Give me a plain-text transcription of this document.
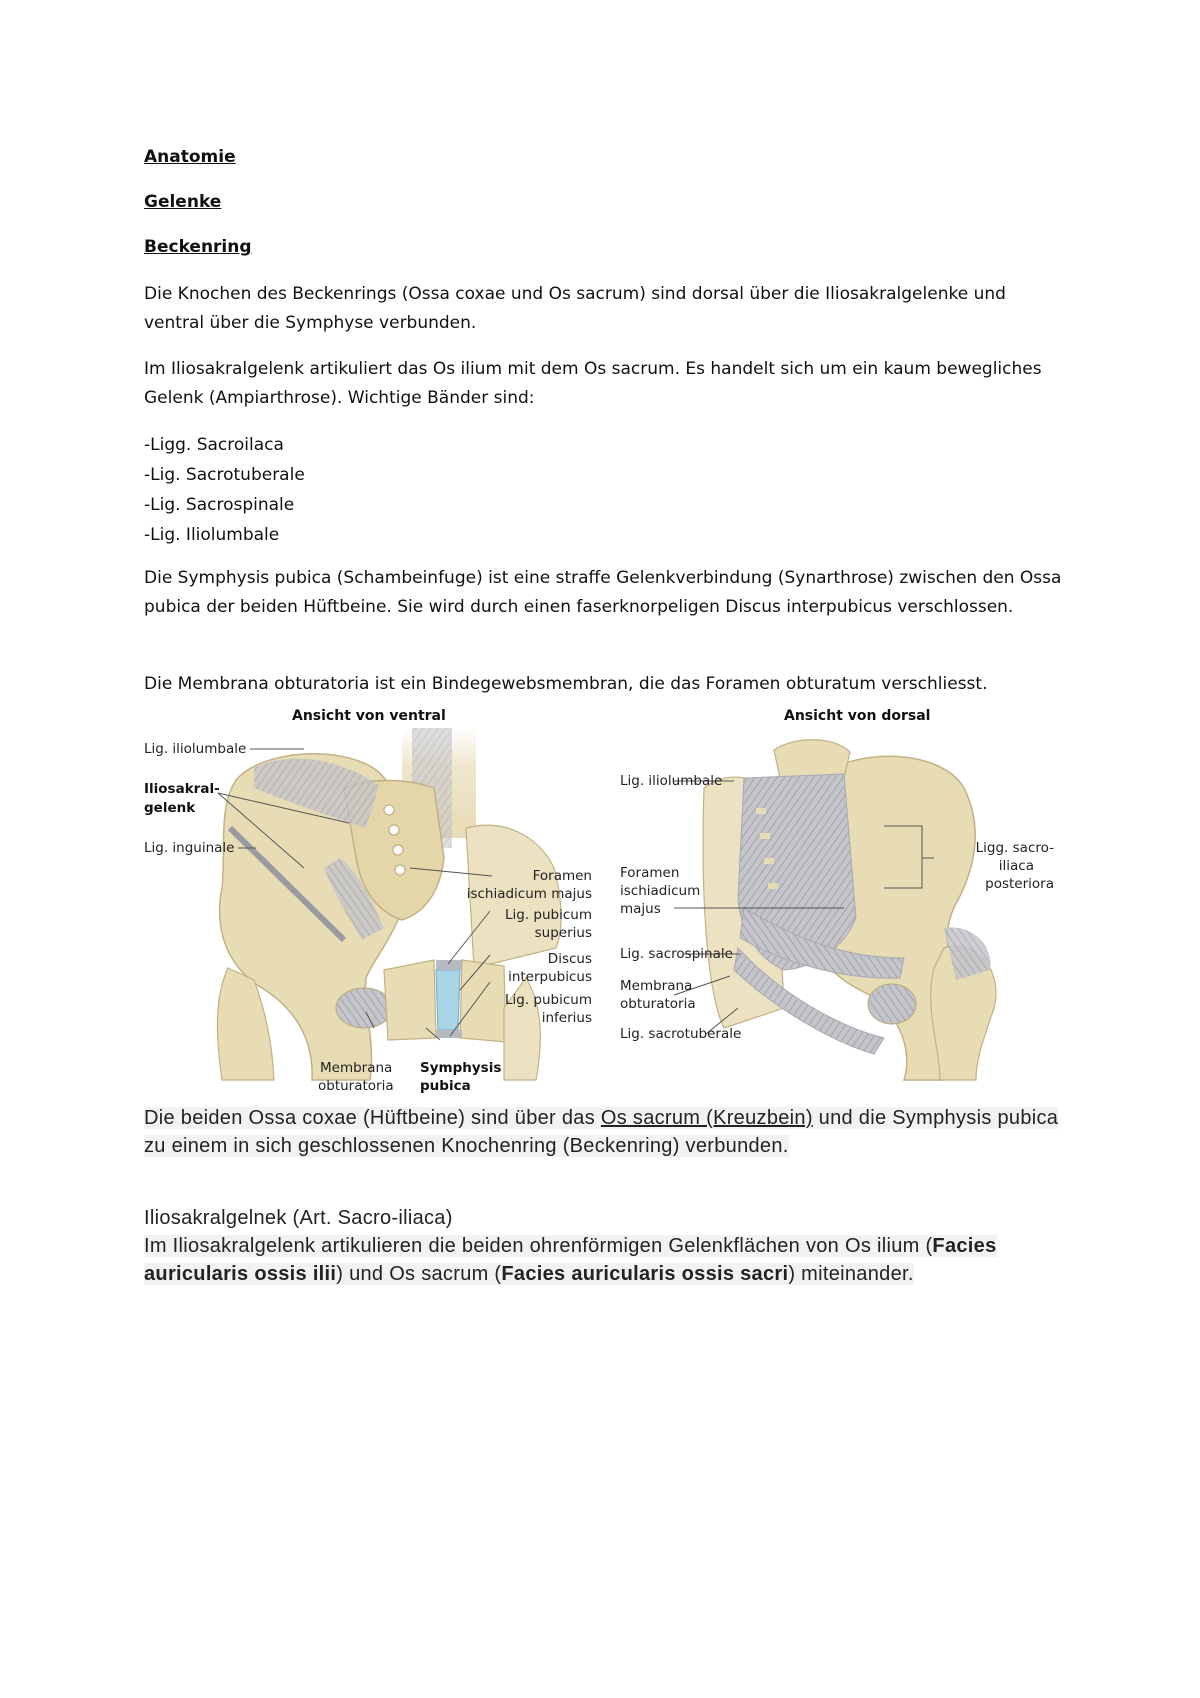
Anatomie
Gelenke
Beckenring
Die Knochen des Beckenrings (Ossa coxae und Os sacrum) sind dorsal über die Iliosakralgelenke und ventral über die Symphyse verbunden.
Im Iliosakralgelenk artikuliert das Os ilium mit dem Os sacrum. Es handelt sich um ein kaum bewegliches Gelenk (Ampiarthrose). Wichtige Bänder sind:
-Ligg. Sacroilaca
-Lig. Sacrotuberale
-Lig. Sacrospinale
-Lig. Iliolumbale
Die Symphysis pubica (Schambeinfuge) ist eine straffe Gelenkverbindung (Synarthrose) zwischen den Ossa pubica der beiden Hüftbeine. Sie wird durch einen faserknorpeligen Discus interpubicus verschlossen.
Die Membrana obturatoria ist ein Bindegewebsmembran, die das Foramen obturatum verschliesst.
Ansicht von ventral
Lig. iliolumbale
Iliosakral-
gelenk
Lig. inguinale
Foramen
ischiadicum majus
Lig. pubicum
superius
Discus
interpubicus
Lig. pubicum
inferius
Membrana
obturatoria
Symphysis
pubica
Ansicht von dorsal
Lig. iliolumbale
Ligg. sacro-
iliaca
posteriora
Foramen
ischiadicum
majus
Lig. sacrospinale
Membrana
obturatoria
Lig. sacrotuberale
Die beiden Ossa coxae (Hüftbeine) sind über das Os sacrum (Kreuzbein) und die Symphysis pubica zu einem in sich geschlossenen Knochenring (Beckenring) verbunden.
Iliosakralgelnek (Art. Sacro-iliaca)
Im Iliosakralgelenk artikulieren die beiden ohrenförmigen Gelenkflächen von Os ilium (Facies auricularis ossis ilii) und Os sacrum (Facies auricularis ossis sacri) miteinander.
